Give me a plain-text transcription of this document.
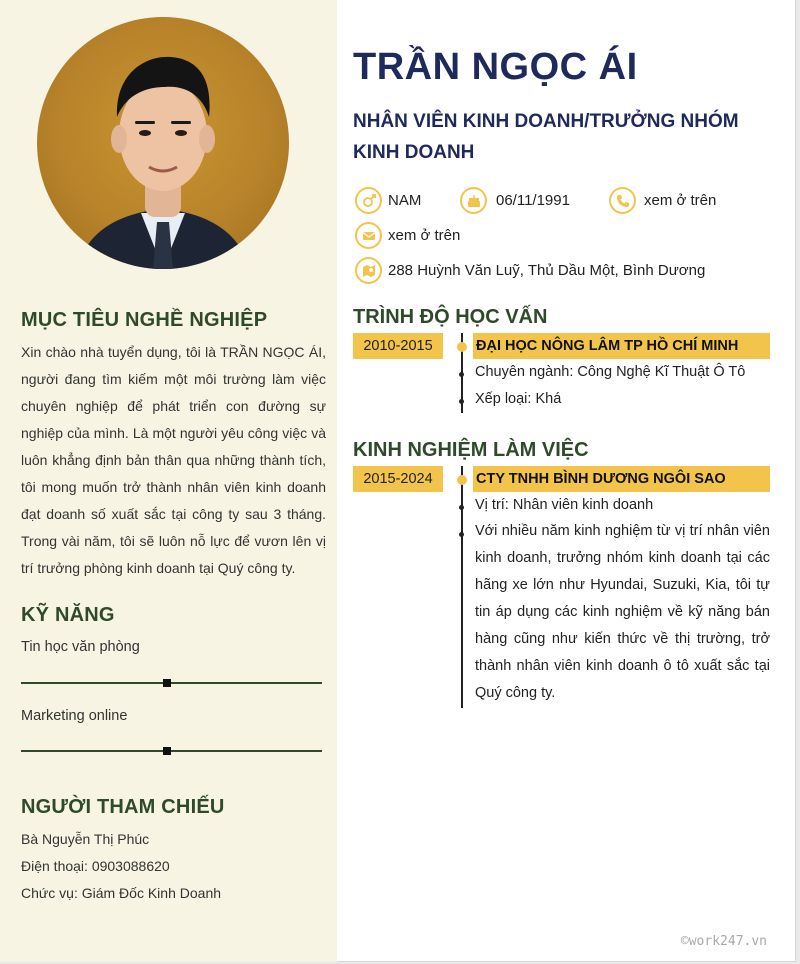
MỤC TIÊU NGHỀ NGHIỆP
Xin chào nhà tuyển dụng, tôi là TRẦN NGỌC ÁI, người đang tìm kiếm một môi trường làm việc chuyên nghiệp để phát triển con đường sự nghiệp của mình. Là một người yêu công việc và luôn khẳng định bản thân qua những thành tích, tôi mong muốn trở thành nhân viên kinh doanh đạt doanh số xuất sắc tại công ty sau 3 tháng. Trong vài năm, tôi sẽ luôn nỗ lực để vươn lên vị trí trưởng phòng kinh doanh tại Quý công ty.
KỸ NĂNG
Tin học văn phòng
Marketing online
NGƯỜI THAM CHIẾU
Bà Nguyễn Thị Phúc
Điện thoại: 0903088620
Chức vụ: Giám Đốc Kinh Doanh
TRẦN NGỌC ÁI
NHÂN VIÊN KINH DOANH/TRƯỞNG NHÓM KINH DOANH
NAM	06/11/1991	xem ở trên
xem ở trên
288 Huỳnh Văn Luỹ, Thủ Dầu Một, Bình Dương
TRÌNH ĐỘ HỌC VẤN
2010-2015	ĐẠI HỌC NÔNG LÂM TP HỒ CHÍ MINH
Chuyên ngành: Công Nghệ Kĩ Thuật Ô Tô
Xếp loại: Khá
KINH NGHIỆM LÀM VIỆC
2015-2024	CTY TNHH BÌNH DƯƠNG NGÔI SAO
Vị trí: Nhân viên kinh doanh
Với nhiều năm kinh nghiệm từ vị trí nhân viên kinh doanh, trưởng nhóm kinh doanh tại các hãng xe lớn như Hyundai, Suzuki, Kia, tôi tự tin áp dụng các kinh nghiệm về kỹ năng bán hàng cũng như kiến thức về thị trường, trở thành nhân viên kinh doanh ô tô xuất sắc tại Quý công ty.
©work247.vn
